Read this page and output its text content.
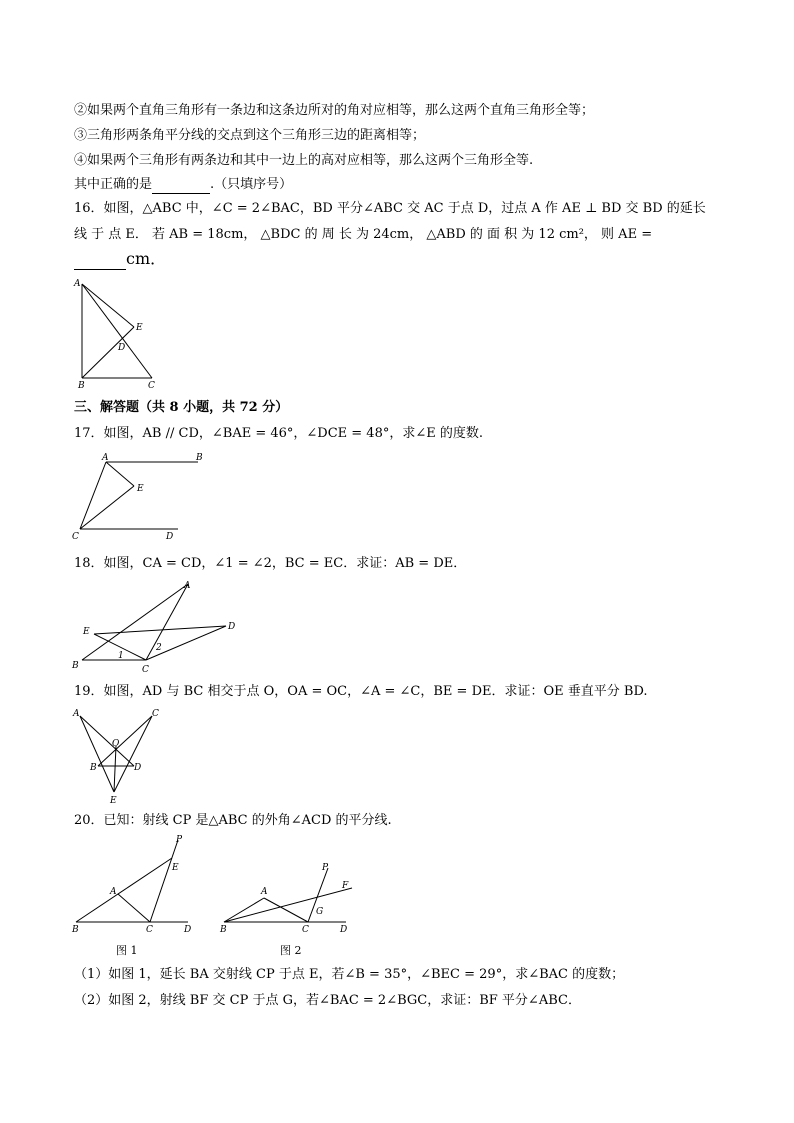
②如果两个直角三角形有一条边和这条边所对的角对应相等，那么这两个直角三角形全等；
③三角形两条角平分线的交点到这个三角形三边的距离相等；
④如果两个三角形有两条边和其中一边上的高对应相等，那么这两个三角形全等.
其中正确的是	.（只填序号）
16．如图，△ABC 中，∠C = 2∠BAC，BD 平分∠ABC 交 AC 于点 D，过点 A 作 AE ⊥ BD 交 BD 的延长
线 于 点 E． 若 AB = 18cm， △BDC 的 周 长 为 24cm， △ABD 的 面 积 为 12 cm²， 则 AE =
cm．
A
E
D
B	C
三、解答题（共 8 小题，共 72 分）
17．如图，AB // CD，∠BAE = 46°，∠DCE = 48°，求∠E 的度数.
A	B
E
C	D
18．如图，CA = CD，∠1 = ∠2，BC = EC．求证：AB = DE．
A
E	D
B
1
2
C
19．如图，AD 与 BC 相交于点 O，OA = OC，∠A = ∠C，BE = DE．求证：OE 垂直平分 BD.
A	C
O
B	D
E
20．已知：射线 CP 是△ABC 的外角∠ACD 的平分线.
P
E
A
B	C	D
图 1
P
F
A
G
B	C	D
图 2
（1）如图 1，延长 BA 交射线 CP 于点 E，若∠B = 35°，∠BEC = 29°，求∠BAC 的度数；
（2）如图 2，射线 BF 交 CP 于点 G，若∠BAC = 2∠BGC，求证：BF 平分∠ABC．
